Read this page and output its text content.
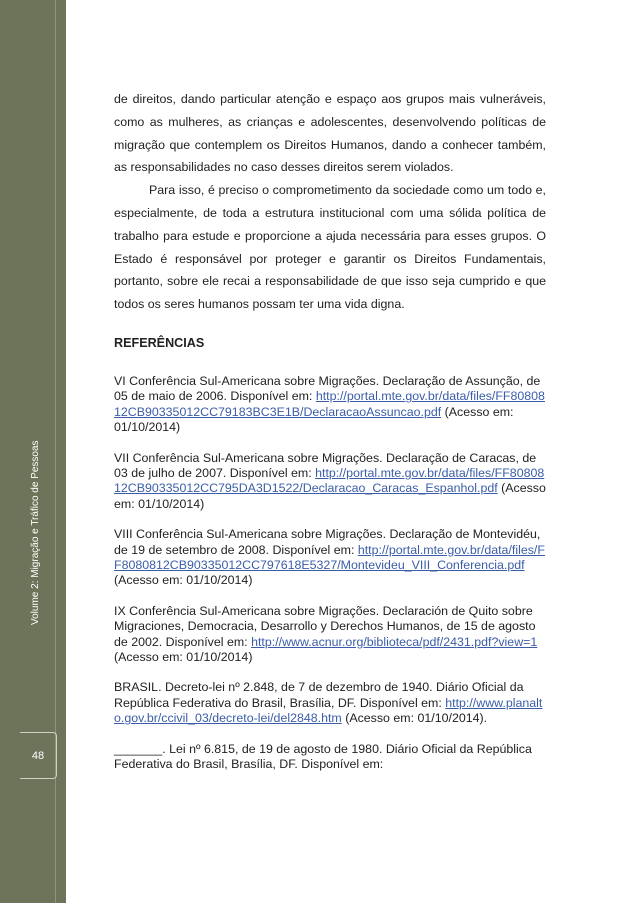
Volume 2: Migração e Tráfico de Pessoas
48

de direitos, dando particular atenção e espaço aos grupos mais vulneráveis, como as mulheres, as crianças e adolescentes, desenvolvendo políticas de migração que contemplem os Direitos Humanos, dando a conhecer também, as responsabilidades no caso desses direitos serem violados.

Para isso, é preciso o comprometimento da sociedade como um todo e, especialmente, de toda a estrutura institucional com uma sólida política de trabalho para estude e proporcione a ajuda necessária para esses grupos. O Estado é responsável por proteger e garantir os Direitos Fundamentais, portanto, sobre ele recai a responsabilidade de que isso seja cumprido e que todos os seres humanos possam ter uma vida digna.

REFERÊNCIAS

VI Conferência Sul-Americana sobre Migrações. Declaração de Assunção, de 05 de maio de 2006. Disponível em: http://portal.mte.gov.br/data/files/FF8080812CB90335012CC79183BC3E1B/DeclaracaoAssuncao.pdf (Acesso em: 01/10/2014)

VII Conferência Sul-Americana sobre Migrações. Declaração de Caracas, de 03 de julho de 2007. Disponível em: http://portal.mte.gov.br/data/files/FF8080812CB90335012CC795DA3D1522/Declaracao_Caracas_Espanhol.pdf (Acesso em: 01/10/2014)

VIII Conferência Sul-Americana sobre Migrações. Declaração de Montevidéu, de 19 de setembro de 2008. Disponível em: http://portal.mte.gov.br/data/files/FF8080812CB90335012CC797618E5327/Montevideu_VIII_Conferencia.pdf (Acesso em: 01/10/2014)

IX Conferência Sul-Americana sobre Migrações. Declaración de Quito sobre Migraciones, Democracia, Desarrollo y Derechos Humanos, de 15 de agosto de 2002. Disponível em: http://www.acnur.org/biblioteca/pdf/2431.pdf?view=1 (Acesso em: 01/10/2014)

BRASIL. Decreto-lei nº 2.848, de 7 de dezembro de 1940. Diário Oficial da República Federativa do Brasil, Brasília, DF. Disponível em: http://www.planalto.gov.br/ccivil_03/decreto-lei/del2848.htm (Acesso em: 01/10/2014).

_______. Lei nº 6.815, de 19 de agosto de 1980. Diário Oficial da República Federativa do Brasil, Brasília, DF. Disponível em:
